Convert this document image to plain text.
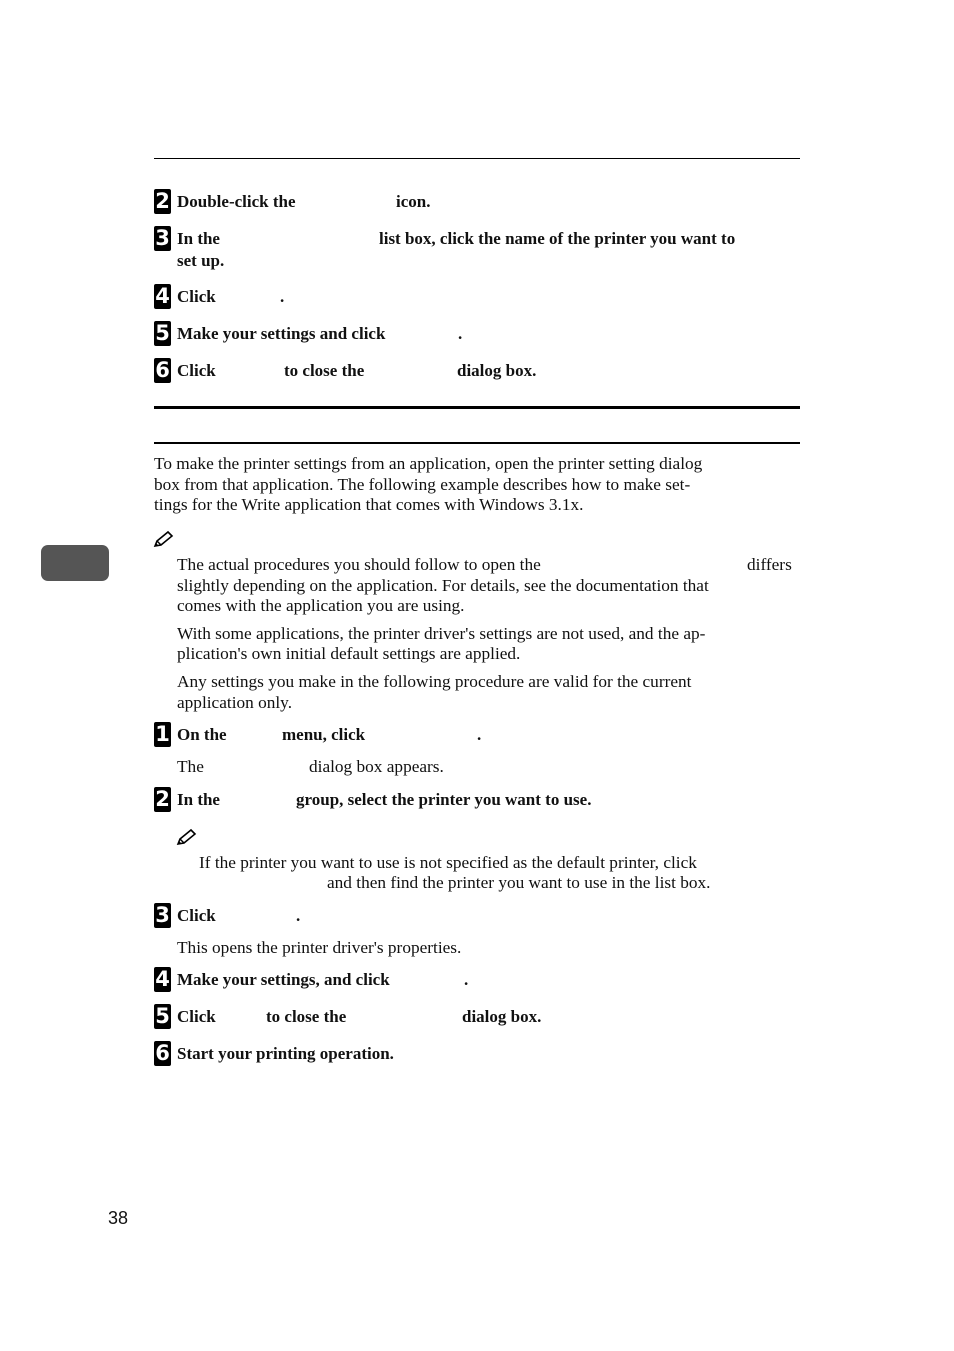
2 Double-click the	icon.
3 In the	list box, click the name of the printer you want to
set up.
4 Click	.
5 Make your settings and click	.
6 Click	to close the	dialog box.
To make the printer settings from an application, open the printer setting dialog
box from that application. The following example describes how to make set-
tings for the Write application that comes with Windows 3.1x.
The actual procedures you should follow to open the	differs
slightly depending on the application. For details, see the documentation that
comes with the application you are using.
With some applications, the printer driver's settings are not used, and the ap-
plication's own initial default settings are applied.
Any settings you make in the following procedure are valid for the current
application only.
1 On the	menu, click	.
The	dialog box appears.
2 In the	group, select the printer you want to use.
If the printer you want to use is not specified as the default printer, click
and then find the printer you want to use in the list box.
3 Click	.
This opens the printer driver's properties.
4 Make your settings, and click	.
5 Click	to close the	dialog box.
6 Start your printing operation.
38
